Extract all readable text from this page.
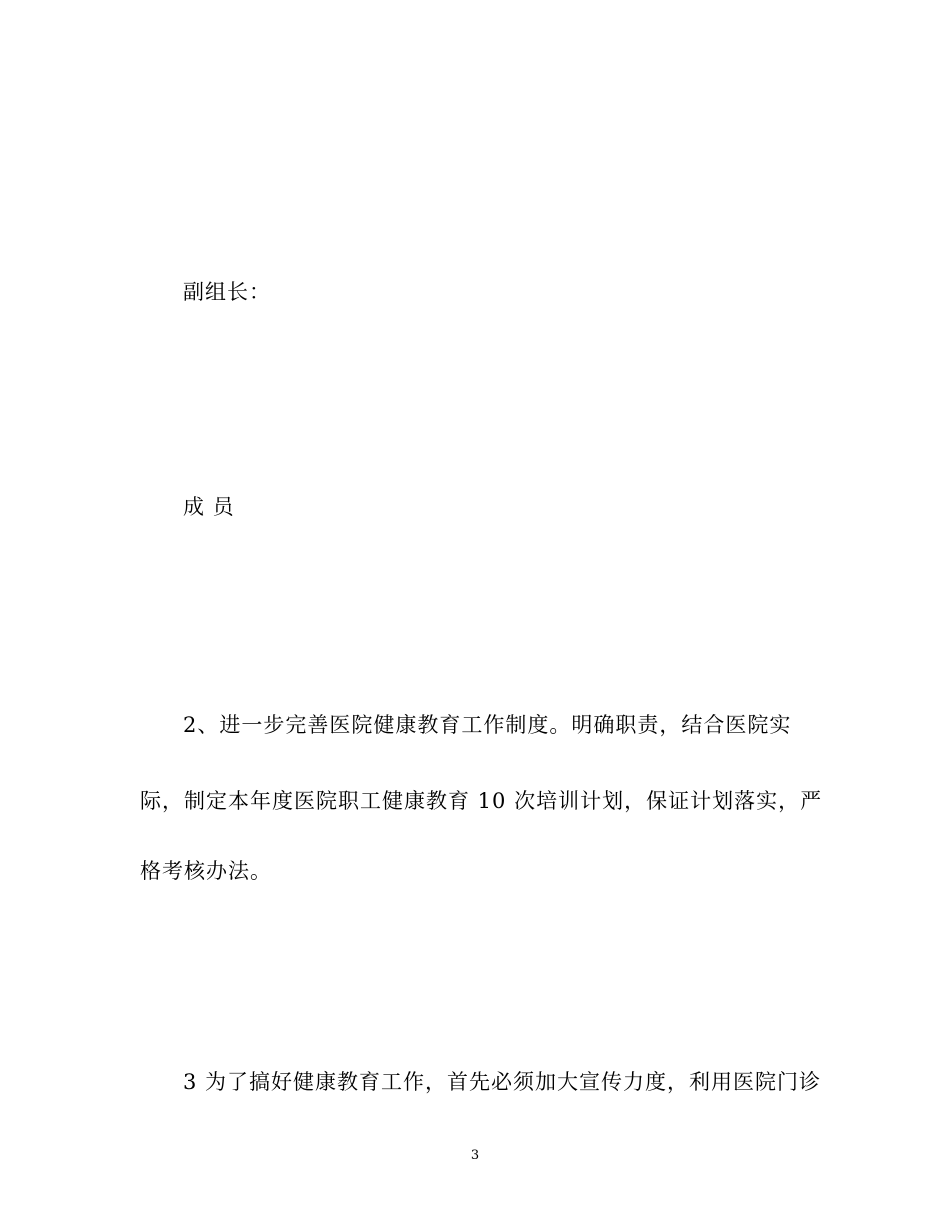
副组长：
成 员
2、进一步完善医院健康教育工作制度。明确职责，结合医院实
际，制定本年度医院职工健康教育 10 次培训计划，保证计划落实，严
格考核办法。
3 为了搞好健康教育工作，首先必须加大宣传力度，利用医院门诊
3
